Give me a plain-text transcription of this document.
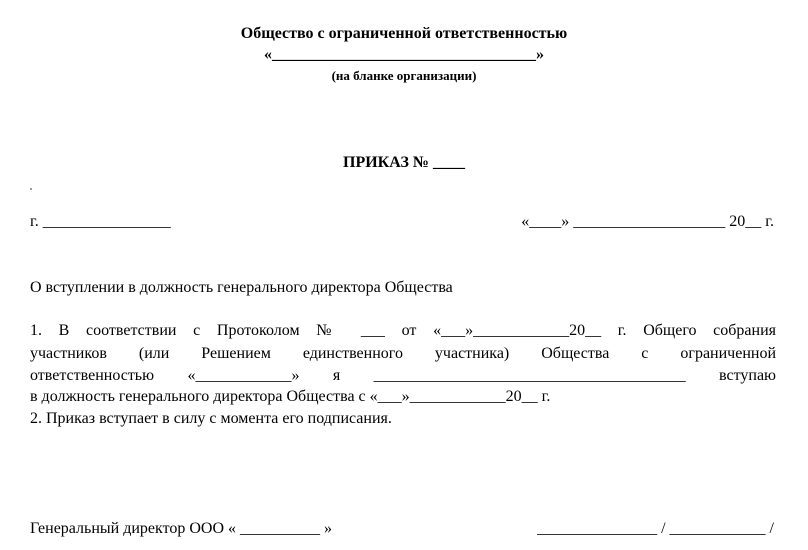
Общество с ограниченной ответственностью
«_________________________________»
(на бланке организации)
ПРИКАЗ № ____
г. ________________	«____» ___________________ 20__ г.
О вступлении в должность генерального директора Общества
1. В соответствии с Протоколом № ___ от «___»____________20__ г. Общего собрания
участников (или Решением единственного участника) Общества с ограниченной
ответственностью «____________» я _______________________________________ вступаю
в должность генерального директора Общества с «___»____________20__ г.
2. Приказ вступает в силу с момента его подписания.
Генеральный директор ООО « __________ »	_______________ / ____________ /
